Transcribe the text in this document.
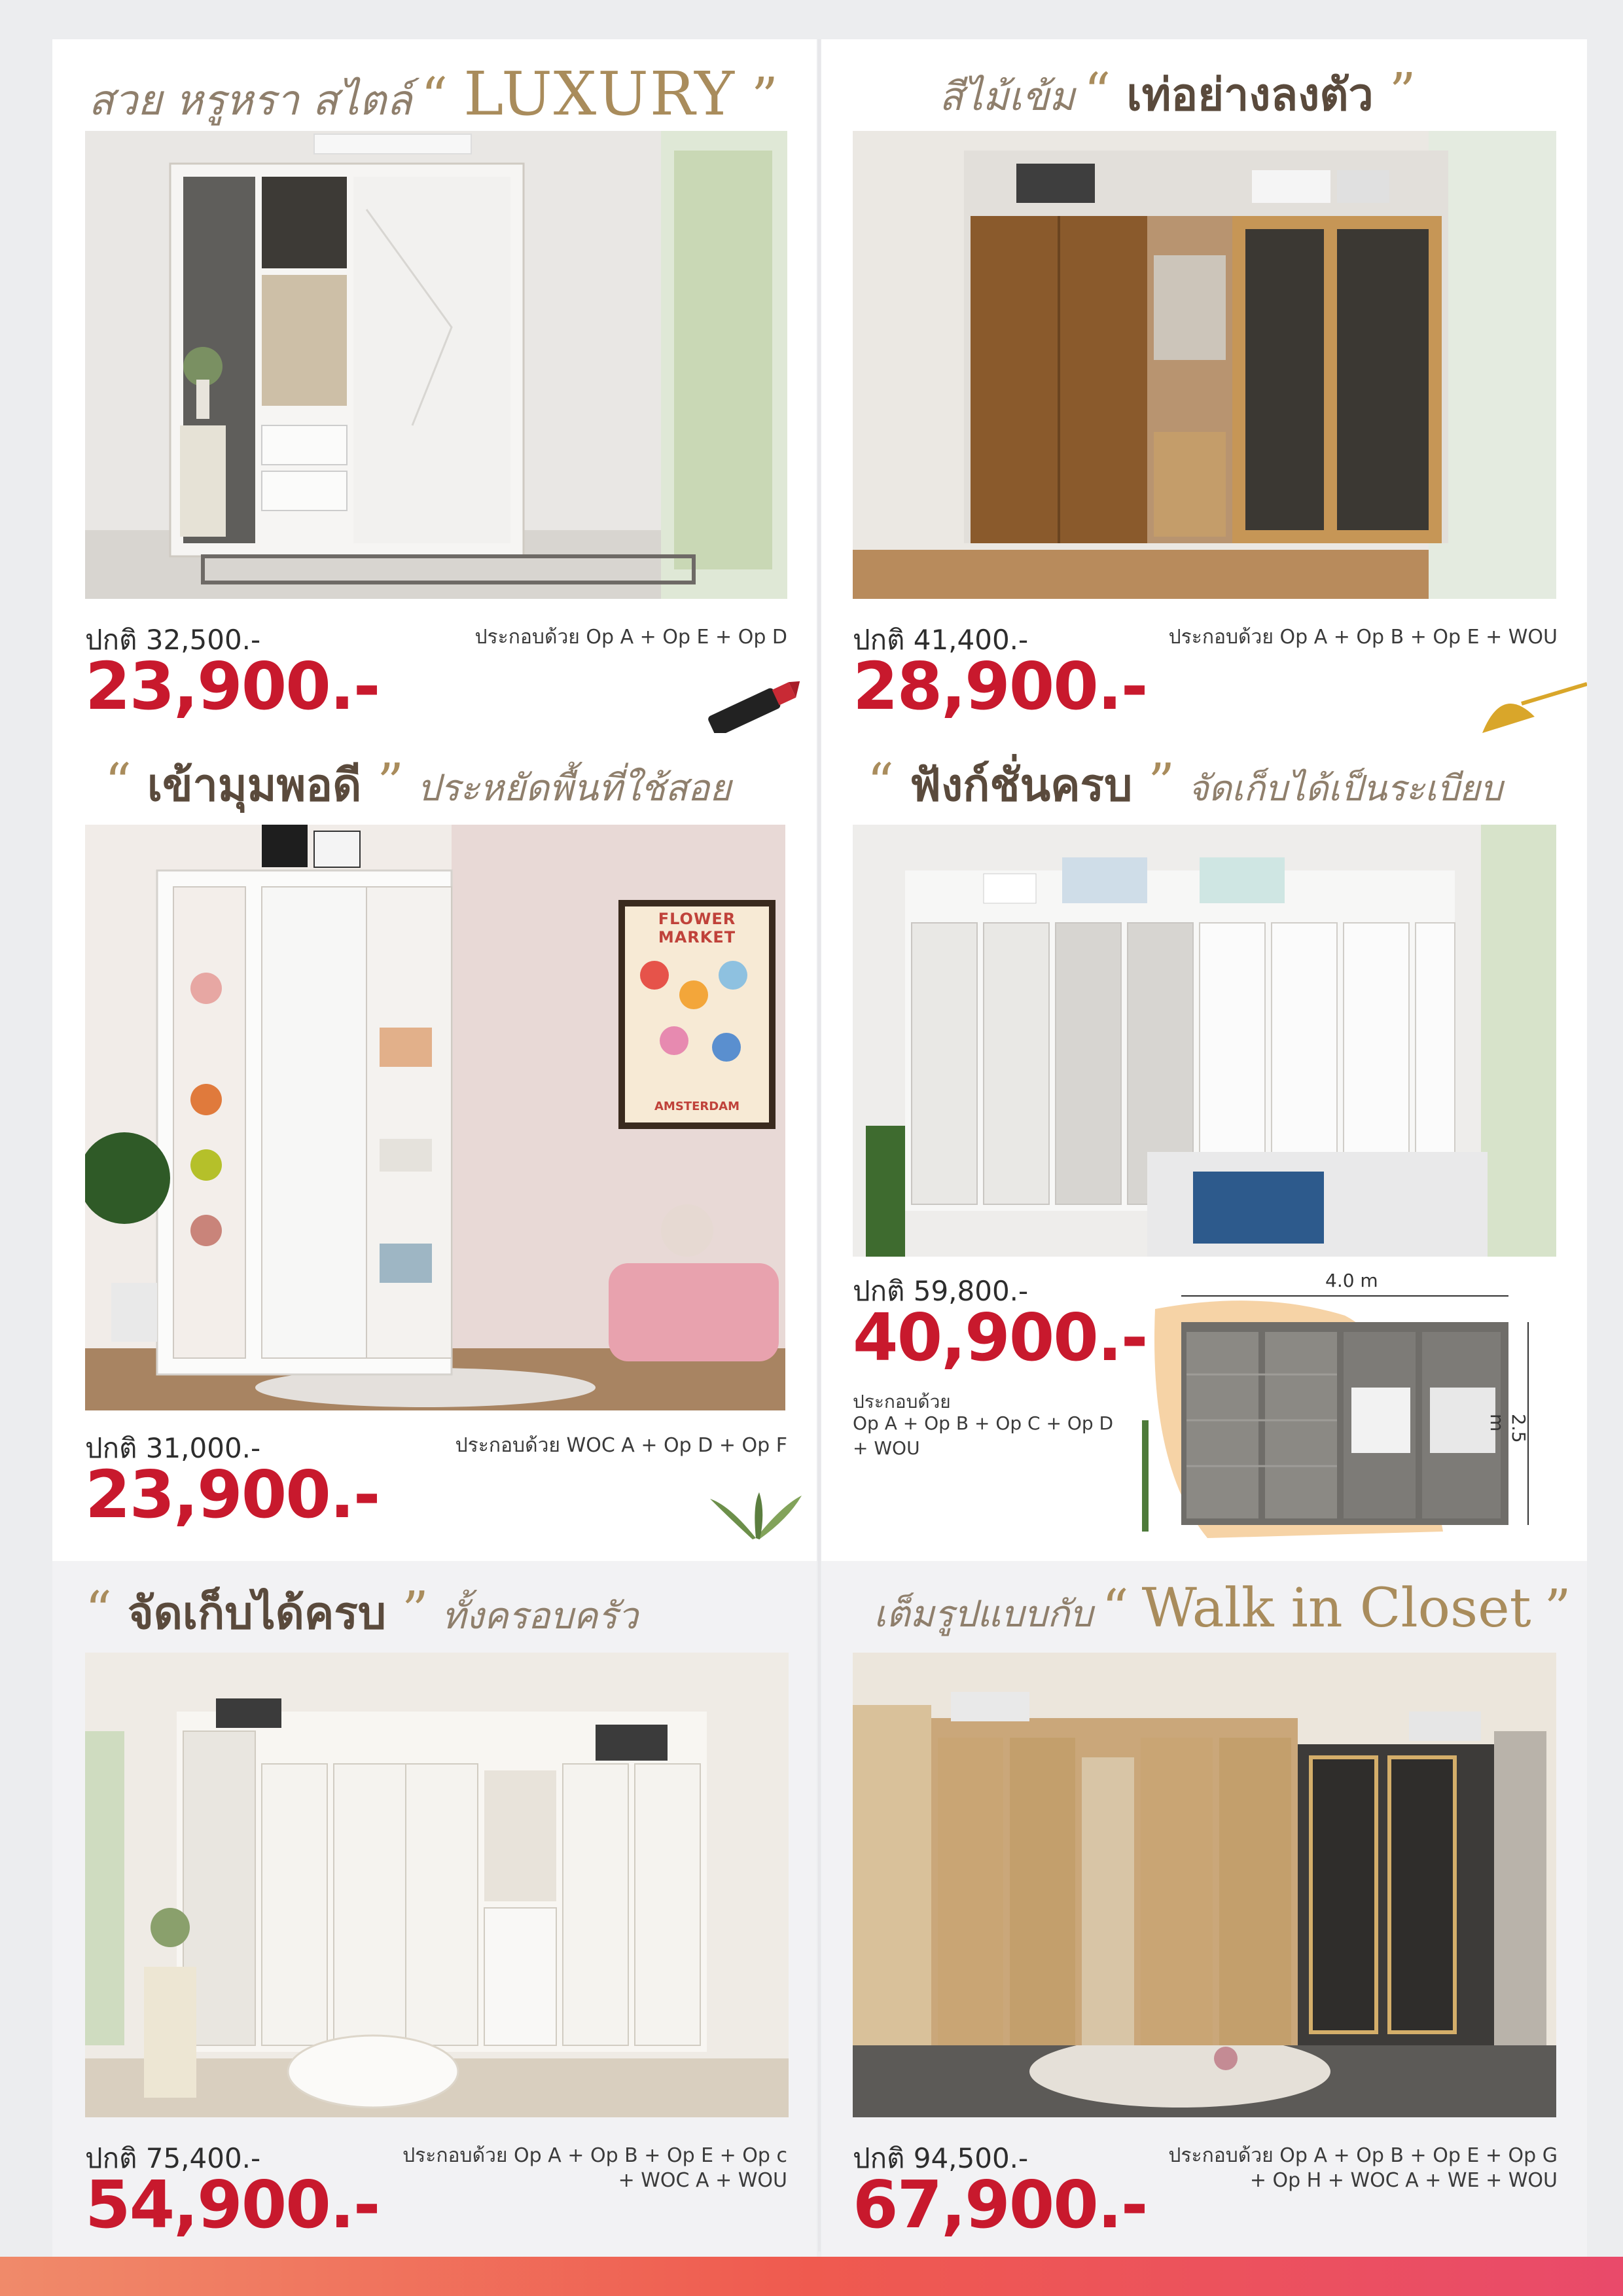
สวย หรูหรา สไตล์ “ LUXURY ”
ปกติ 32,500.-	ประกอบด้วย Op A + Op E + Op D
23,900.-
สีไม้เข้ม “ เท่อย่างลงตัว ”
ปกติ 41,400.-	ประกอบด้วย Op A + Op B + Op E + WOU
28,900.-
“ เข้ามุมพอดี ” ประหยัดพื้นที่ใช้สอย
FLOWER MARKET
AMSTERDAM
ปกติ 31,000.-	ประกอบด้วย WOC A + Op D + Op F
23,900.-
“ ฟังก์ชั่นครบ ” จัดเก็บได้เป็นระเบียบ
ปกติ 59,800.-
40,900.-
ประกอบด้วย
Op A + Op B + Op C + Op D
+ WOU
4.0 m
2.5 m
“ จัดเก็บได้ครบ ” ทั้งครอบครัว
ปกติ 75,400.-	ประกอบด้วย Op A + Op B + Op E + Op c
+ WOC A + WOU
54,900.-
เต็มรูปแบบกับ “ Walk in Closet ”
ปกติ 94,500.-	ประกอบด้วย Op A + Op B + Op E + Op G
+ Op H + WOC A + WE + WOU
67,900.-
